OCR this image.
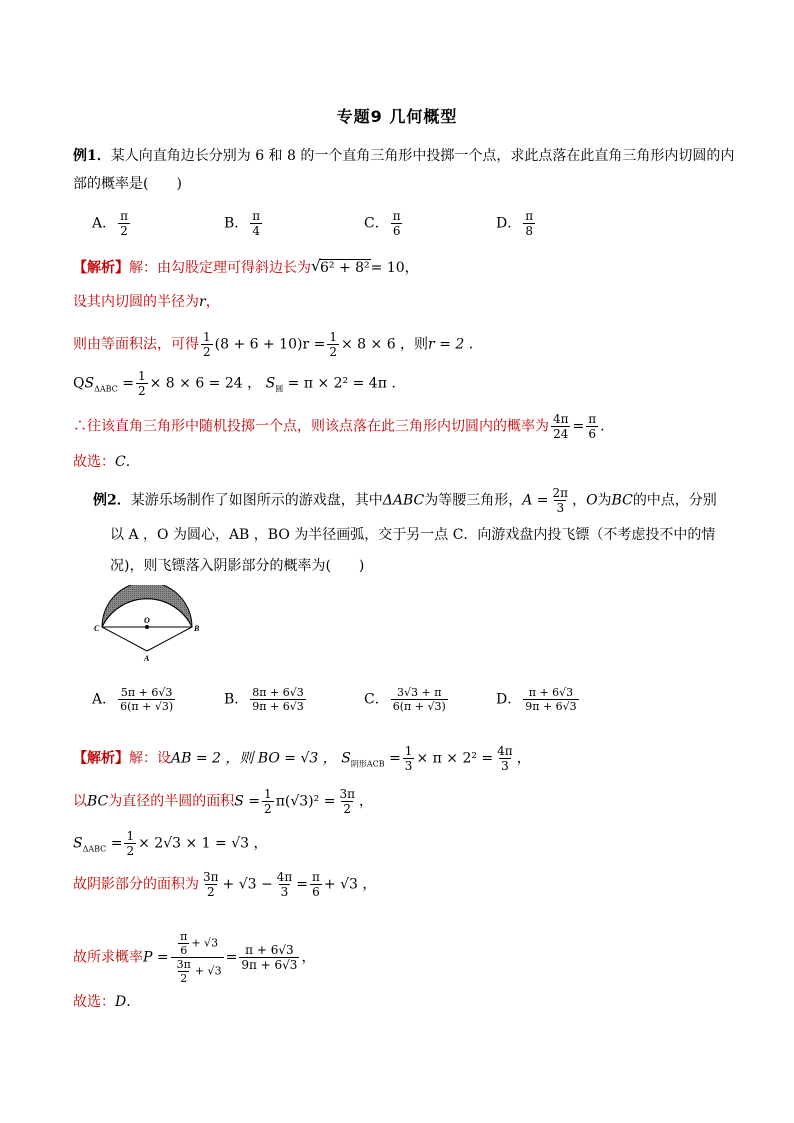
专题9 几何概型
例1．某人向直角边长分别为 6 和 8 的一个直角三角形中投掷一个点，求此点落在此直角三角形内切圆的内
部的概率是(　　)
A． $\frac{\pi}{2}$	B． $\frac{\pi}{4}$	C． $\frac{\pi}{6}$	D． $\frac{\pi}{8}$
【解析】解：由勾股定理可得斜边长为√ 6² + 8²= 10，
设其内切圆的半径为r，
则由等面积法，可得 $\frac{1}{2} (8 + 6 + 10)r = \frac{1}{2} \times 8 \times 6$ ，则r = 2 .
$QS_{\Delta ABC} = \frac{1}{2} \times 8 \times 6 = 24$ ， $S_圆 = \pi \times 2^2 = 4\pi$ .
∴往该直角三角形中随机投掷一个点，则该点落在此三角形内切圆内的概率为 $\frac{4\pi}{24} = \frac{\pi}{6}$ .
故选：C.
例2．某游乐场制作了如图所示的游戏盘，其中ΔABC为等腰三角形，$A = \frac{2\pi}{3}$ ，O为BC的中点，分别
以 A ，O 为圆心，AB ，BO 为半径画弧，交于另一点 C．向游戏盘内投飞镖（不考虑投不中的情
况)，则飞镖落入阴影部分的概率为(　　)
C
O
B
A
A． $\frac{5\pi + 6√3}{6(\pi + √3)}$	B． $\frac{8\pi + 6√3}{9\pi + 6√3}$	C． $\frac{3√3 + \pi}{6(\pi + √3)}$	D． $\frac{\pi + 6√3}{9\pi + 6√3}$
【解析】解：设AB = 2 ，则 BO = √3 ， $S_{阴形ACB} = \frac{1}{3} \times \pi \times 2^2 = \frac{4\pi}{3}$ ，
以BC为直径的半圆的面积$S = \frac{1}{2} \pi(√3)^2 = \frac{3\pi}{2}$ ，
$S_{\Delta ABC} = \frac{1}{2} \times 2√3 \times 1 = √3$ ，
故阴影部分的面积为 $\frac{3\pi}{2} + √3 - \frac{4\pi}{3} = \frac{\pi}{6} + √3$ ，
故所求概率$P = \frac{\frac{\pi}{6} + √3}{\frac{3\pi}{2} + √3} = \frac{\pi + 6√3}{9\pi + 6√3}$ ，
故选：D.
